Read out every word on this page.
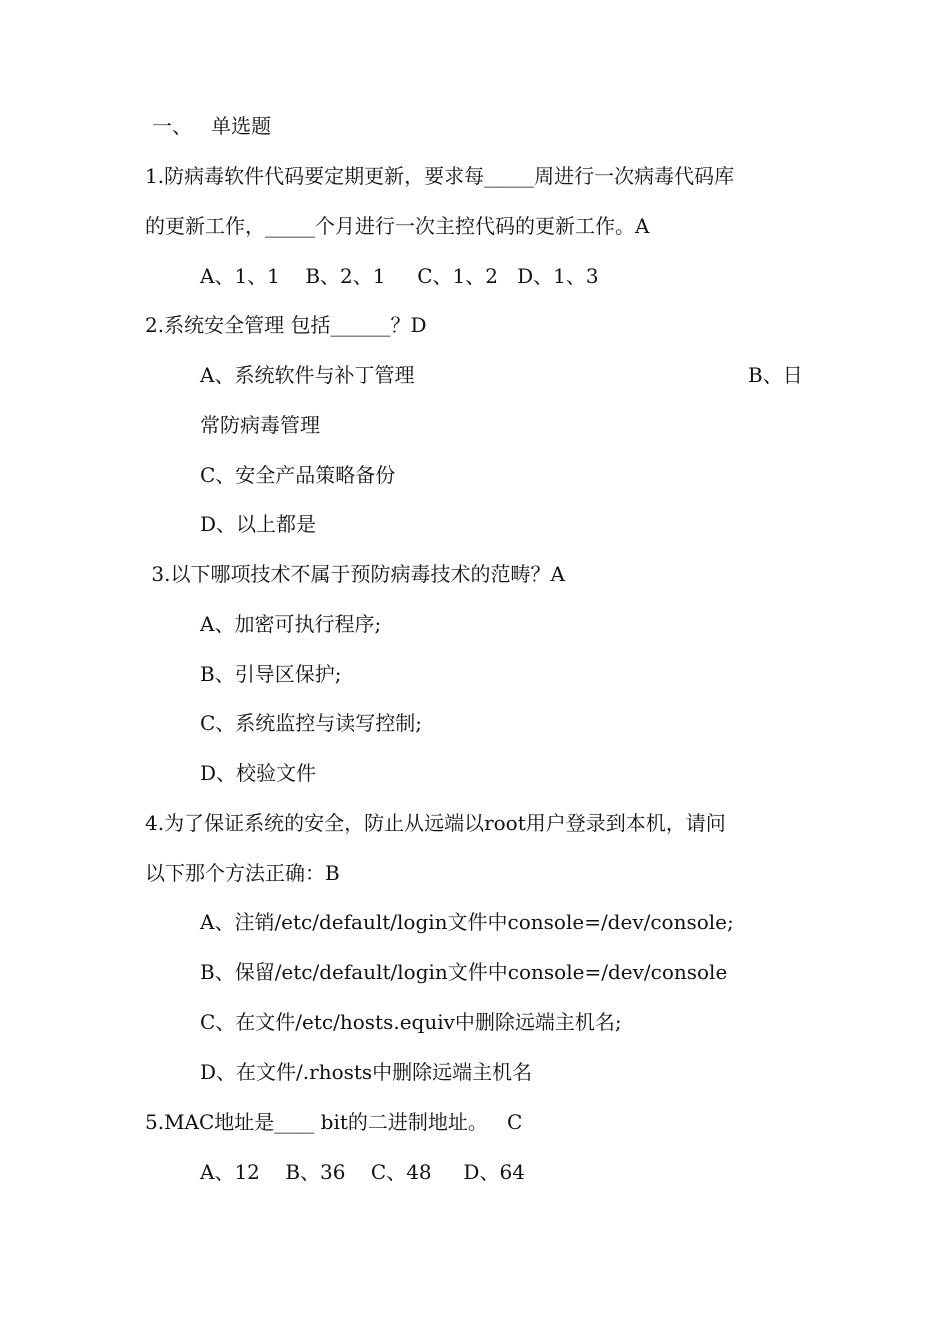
一、   单选题
1.防病毒软件代码要定期更新，要求每_____周进行一次病毒代码库
的更新工作，_____个月进行一次主控代码的更新工作。A
A、1、1    B、2、1     C、1、2   D、1、3
2.系统安全管理 包括______？D
A、系统软件与补丁管理	B、日
常防病毒管理
C、安全产品策略备份
D、以上都是
3.以下哪项技术不属于预防病毒技术的范畴？A
A、加密可执行程序;
B、引导区保护;
C、系统监控与读写控制;
D、校验文件
4.为了保证系统的安全，防止从远端以root用户登录到本机，请问
以下那个方法正确：B
A、注销/etc/default/login文件中console=/dev/console;
B、保留/etc/default/login文件中console=/dev/console
C、在文件/etc/hosts.equiv中删除远端主机名;
D、在文件/.rhosts中删除远端主机名
5.MAC地址是____ bit的二进制地址。   C
A、12    B、36    C、48     D、64
